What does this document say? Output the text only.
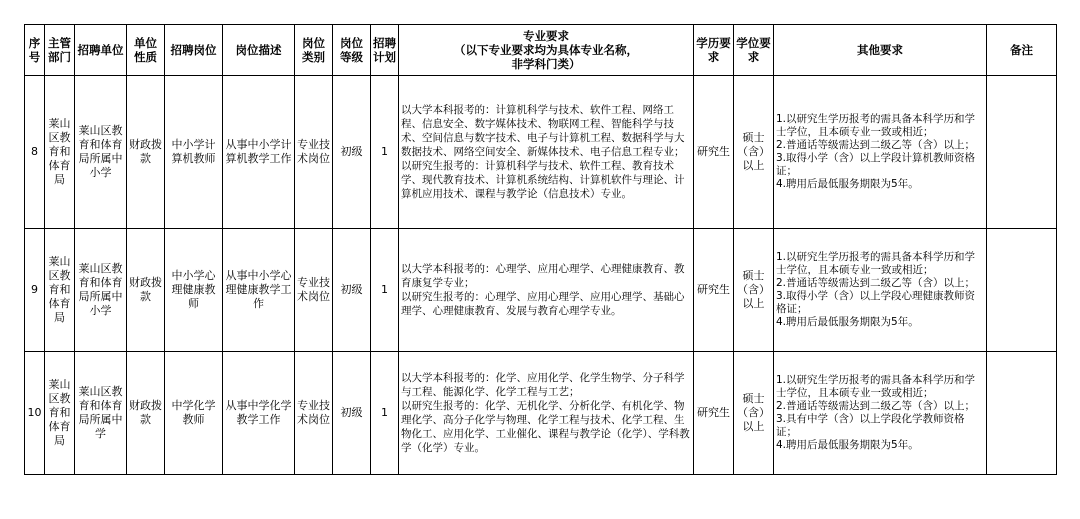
序号	主管部门	招聘单位	单位性质	招聘岗位	岗位描述	岗位类别	岗位等级	招聘计划	专业要求
（以下专业要求均为具体专业名称，
非学科门类）	学历要求	学位要求	其他要求	备注
8	莱山区教育和体育局	莱山区教育和体育局所属中小学	财政拨款	中小学计算机教师	从事中小学计算机教学工作	专业技术岗位	初级	1	以大学本科报考的：计算机科学与技术、软件工程、网络工程、信息安全、数字媒体技术、物联网工程、智能科学与技术、空间信息与数字技术、电子与计算机工程、数据科学与大数据技术、网络空间安全、新媒体技术、电子信息工程专业；
以研究生报考的：计算机科学与技术、软件工程、教育技术学、现代教育技术、计算机系统结构、计算机软件与理论、计算机应用技术、课程与教学论（信息技术）专业。	研究生	硕士（含）以上	1.以研究生学历报考的需具备本科学历和学士学位，且本硕专业一致或相近；
2.普通话等级需达到二级乙等（含）以上；
3.取得小学（含）以上学段计算机教师资格证；
4.聘用后最低服务期限为5年。	

9	莱山区教育和体育局	莱山区教育和体育局所属中小学	财政拨款	中小学心理健康教师	从事中小学心理健康教学工作	专业技术岗位	初级	1	以大学本科报考的：心理学、应用心理学、心理健康教育、教育康复学专业；
以研究生报考的：心理学、应用心理学、应用心理学、基础心理学、心理健康教育、发展与教育心理学专业。	研究生	硕士（含）以上	1.以研究生学历报考的需具备本科学历和学士学位，且本硕专业一致或相近；
2.普通话等级需达到二级乙等（含）以上；
3.取得小学（含）以上学段心理健康教师资格证；
4.聘用后最低服务期限为5年。	

10	莱山区教育和体育局	莱山区教育和体育局所属中学	财政拨款	中学化学教师	从事中学化学教学工作	专业技术岗位	初级	1	以大学本科报考的：化学、应用化学、化学生物学、分子科学与工程、能源化学、化学工程与工艺；
以研究生报考的：化学、无机化学、分析化学、有机化学、物理化学、高分子化学与物理、化学工程与技术、化学工程、生物化工、应用化学、工业催化、课程与教学论（化学）、学科教学（化学）专业。	研究生	硕士（含）以上	1.以研究生学历报考的需具备本科学历和学士学位，且本硕专业一致或相近；
2.普通话等级需达到二级乙等（含）以上；
3.具有中学（含）以上学段化学教师资格证；
4.聘用后最低服务期限为5年。	
